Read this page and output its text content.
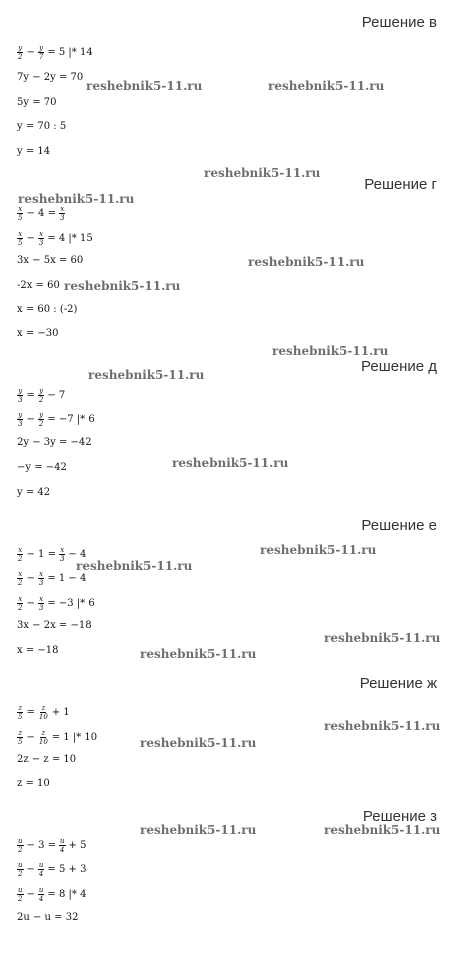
Решение в
Решение г
Решение д
Решение е
Решение ж
Решение з
$\frac{y}{2} - \frac{y}{7} = 5$ |* 14
7y − 2y = 70
5y = 70
y = 70 : 5
y = 14
$\frac{x}{5} - 4 = \frac{x}{3}$
$\frac{x}{5} - \frac{x}{3} = 4$ |* 15
3x − 5x = 60
-2x = 60
x = 60 : (-2)
x = −30
$\frac{y}{3} = \frac{y}{2} - 7$
$\frac{y}{3} - \frac{y}{2} = -7$ |* 6
2y − 3y = −42
−y = −42
y = 42
$\frac{x}{2} - 1 = \frac{x}{3} - 4$
$\frac{x}{2} - \frac{x}{3} = 1 - 4$
$\frac{x}{2} - \frac{x}{3} = -3$ |* 6
3x − 2x = −18
x = −18
$\frac{z}{5} = \frac{z}{10} + 1$
$\frac{z}{5} - \frac{z}{10} = 1$ |* 10
2z − z = 10
z = 10
$\frac{u}{2} - 3 = \frac{u}{4} + 5$
$\frac{u}{2} - \frac{u}{4} = 5 + 3$
$\frac{u}{2} - \frac{u}{4} = 8$ |* 4
2u − u = 32
reshebnik5-11.ru	reshebnik5-11.ru
reshebnik5-11.ru
reshebnik5-11.ru
reshebnik5-11.ru
reshebnik5-11.ru
reshebnik5-11.ru
reshebnik5-11.ru
reshebnik5-11.ru
reshebnik5-11.ru
reshebnik5-11.ru
reshebnik5-11.ru
reshebnik5-11.ru
reshebnik5-11.ru
reshebnik5-11.ru
reshebnik5-11.ru	reshebnik5-11.ru
